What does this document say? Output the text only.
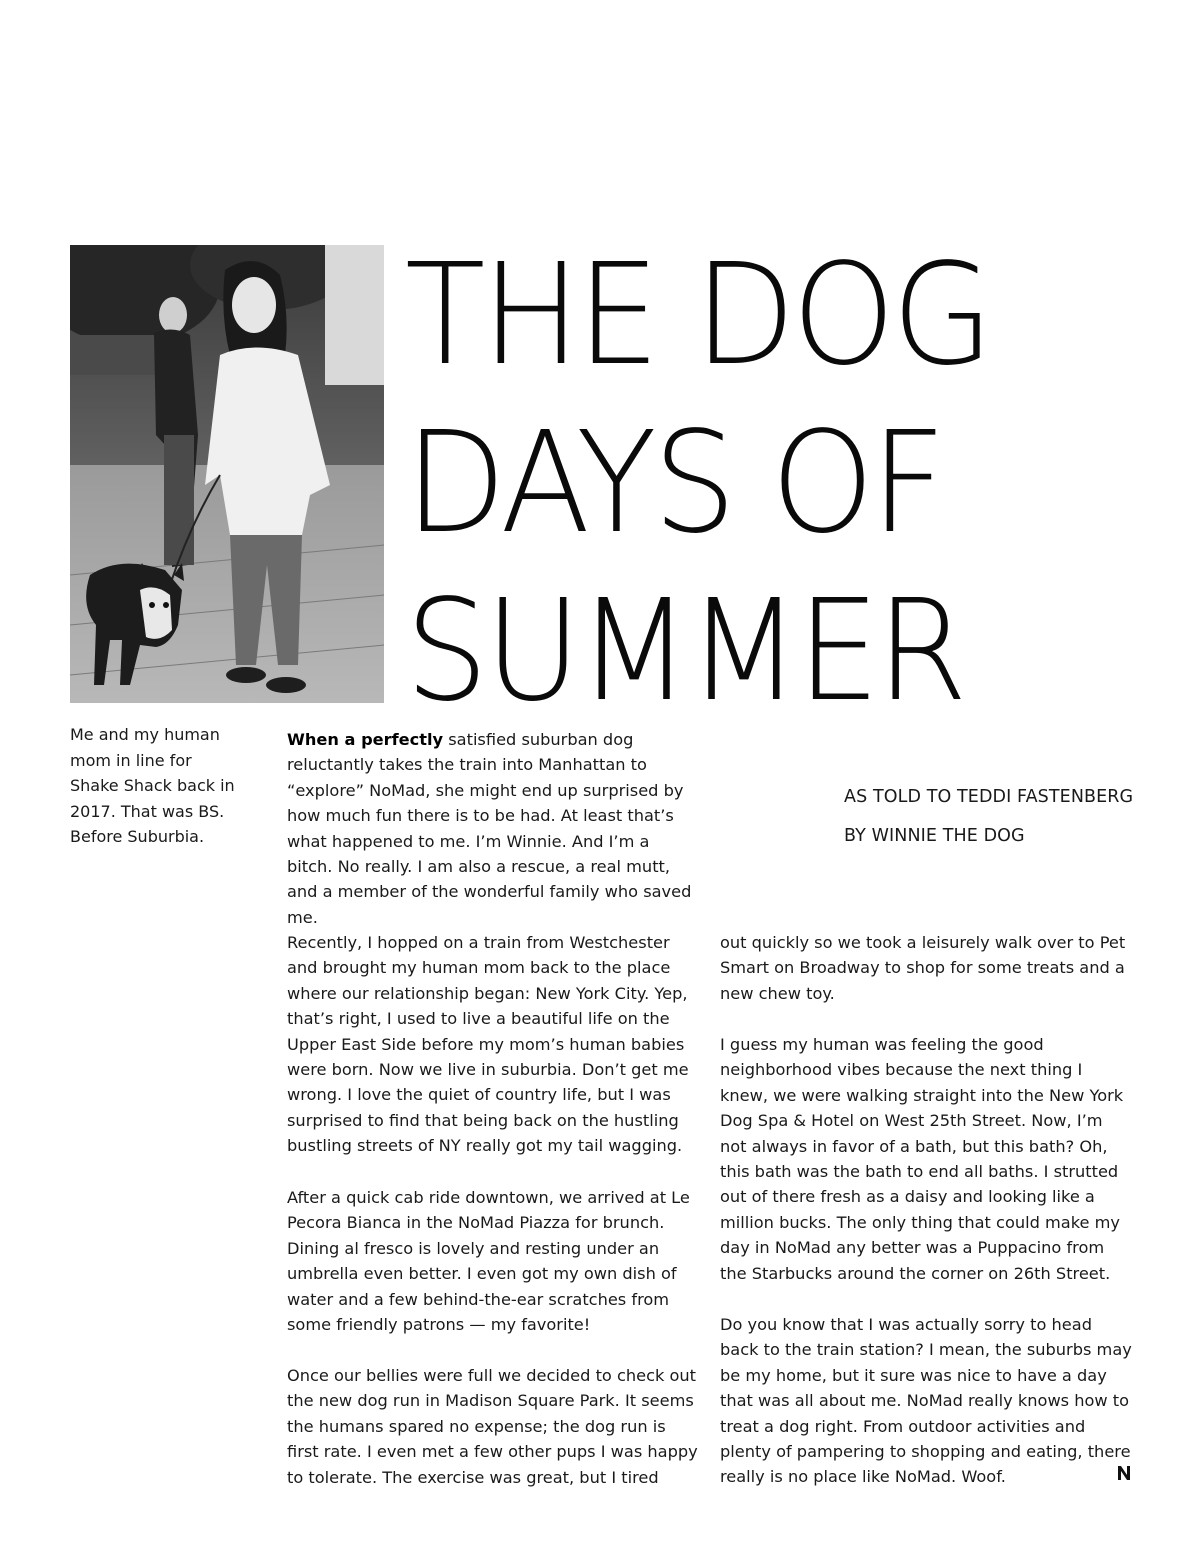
THE DOG
DAYS OF
SUMMER

Me and my human mom in line for Shake Shack back in 2017. That was BS. Before Suburbia.

AS TOLD TO TEDDI FASTENBERG
BY WINNIE THE DOG

When a perfectly satisfied suburban dog reluctantly takes the train into Manhattan to “explore” NoMad, she might end up surprised by how much fun there is to be had. At least that’s what happened to me. I’m Winnie. And I’m a bitch. No really. I am also a rescue, a real mutt, and a member of the wonderful family who saved me.

Recently, I hopped on a train from Westchester and brought my human mom back to the place where our relationship began: New York City. Yep, that’s right, I used to live a beautiful life on the Upper East Side before my mom’s human babies were born. Now we live in suburbia. Don’t get me wrong. I love the quiet of country life, but I was surprised to find that being back on the hustling bustling streets of NY really got my tail wagging.

After a quick cab ride downtown, we arrived at Le Pecora Bianca in the NoMad Piazza for brunch. Dining al fresco is lovely and resting under an umbrella even better. I even got my own dish of water and a few behind-the-ear scratches from some friendly patrons — my favorite!

Once our bellies were full we decided to check out the new dog run in Madison Square Park. It seems the humans spared no expense; the dog run is first rate. I even met a few other pups I was happy to tolerate. The exercise was great, but I tired

out quickly so we took a leisurely walk over to Pet Smart on Broadway to shop for some treats and a new chew toy.

I guess my human was feeling the good neighborhood vibes because the next thing I knew, we were walking straight into the New York Dog Spa & Hotel on West 25th Street. Now, I’m not always in favor of a bath, but this bath? Oh, this bath was the bath to end all baths. I strutted out of there fresh as a daisy and looking like a million bucks. The only thing that could make my day in NoMad any better was a Puppacino from the Starbucks around the corner on 26th Street.

Do you know that I was actually sorry to head back to the train station? I mean, the suburbs may be my home, but it sure was nice to have a day that was all about me. NoMad really knows how to treat a dog right. From outdoor activities and plenty of pampering to shopping and eating, there really is no place like NoMad. Woof.
